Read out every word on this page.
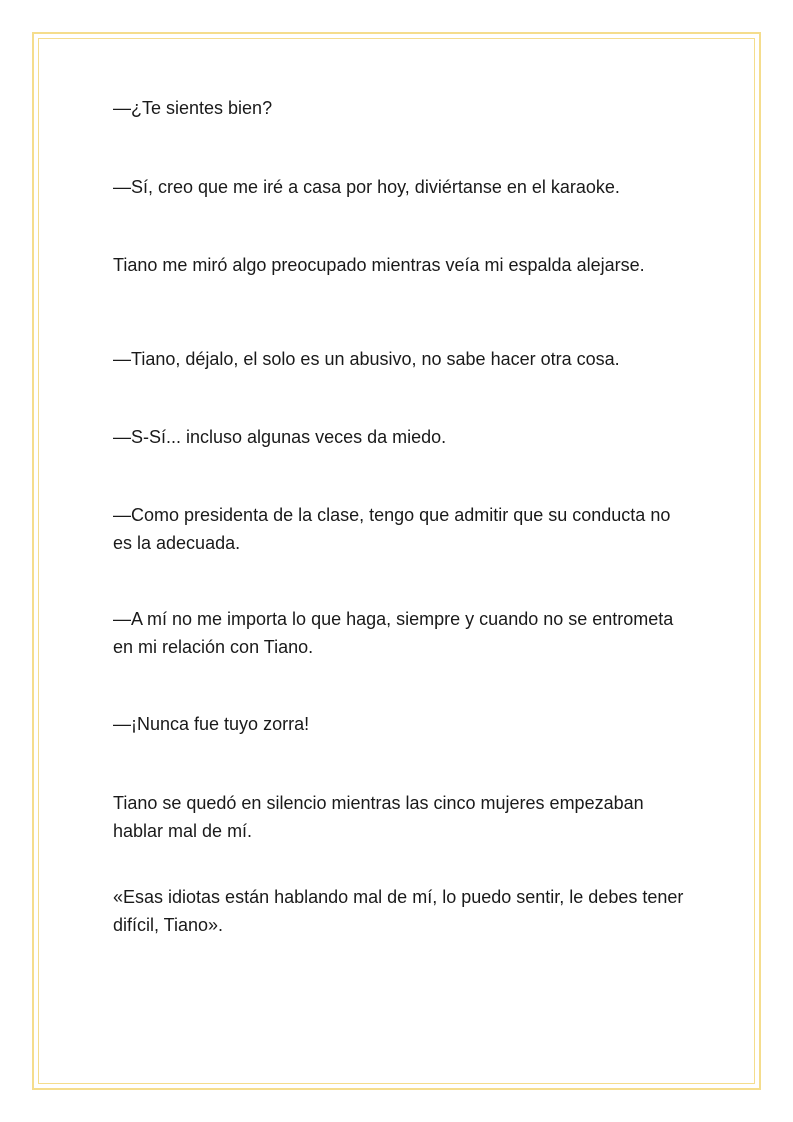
—¿Te sientes bien?

—Sí, creo que me iré a casa por hoy, diviértanse en el karaoke.

Tiano me miró algo preocupado mientras veía mi espalda alejarse.

—Tiano, déjalo, el solo es un abusivo, no sabe hacer otra cosa.

—S-Sí... incluso algunas veces da miedo.

—Como presidenta de la clase, tengo que admitir que su conducta no es la adecuada.

—A mí no me importa lo que haga, siempre y cuando no se entrometa en mi relación con Tiano.

—¡Nunca fue tuyo zorra!

Tiano se quedó en silencio mientras las cinco mujeres empezaban hablar mal de mí.

«Esas idiotas están hablando mal de mí, lo puedo sentir, le debes tener difícil, Tiano».
